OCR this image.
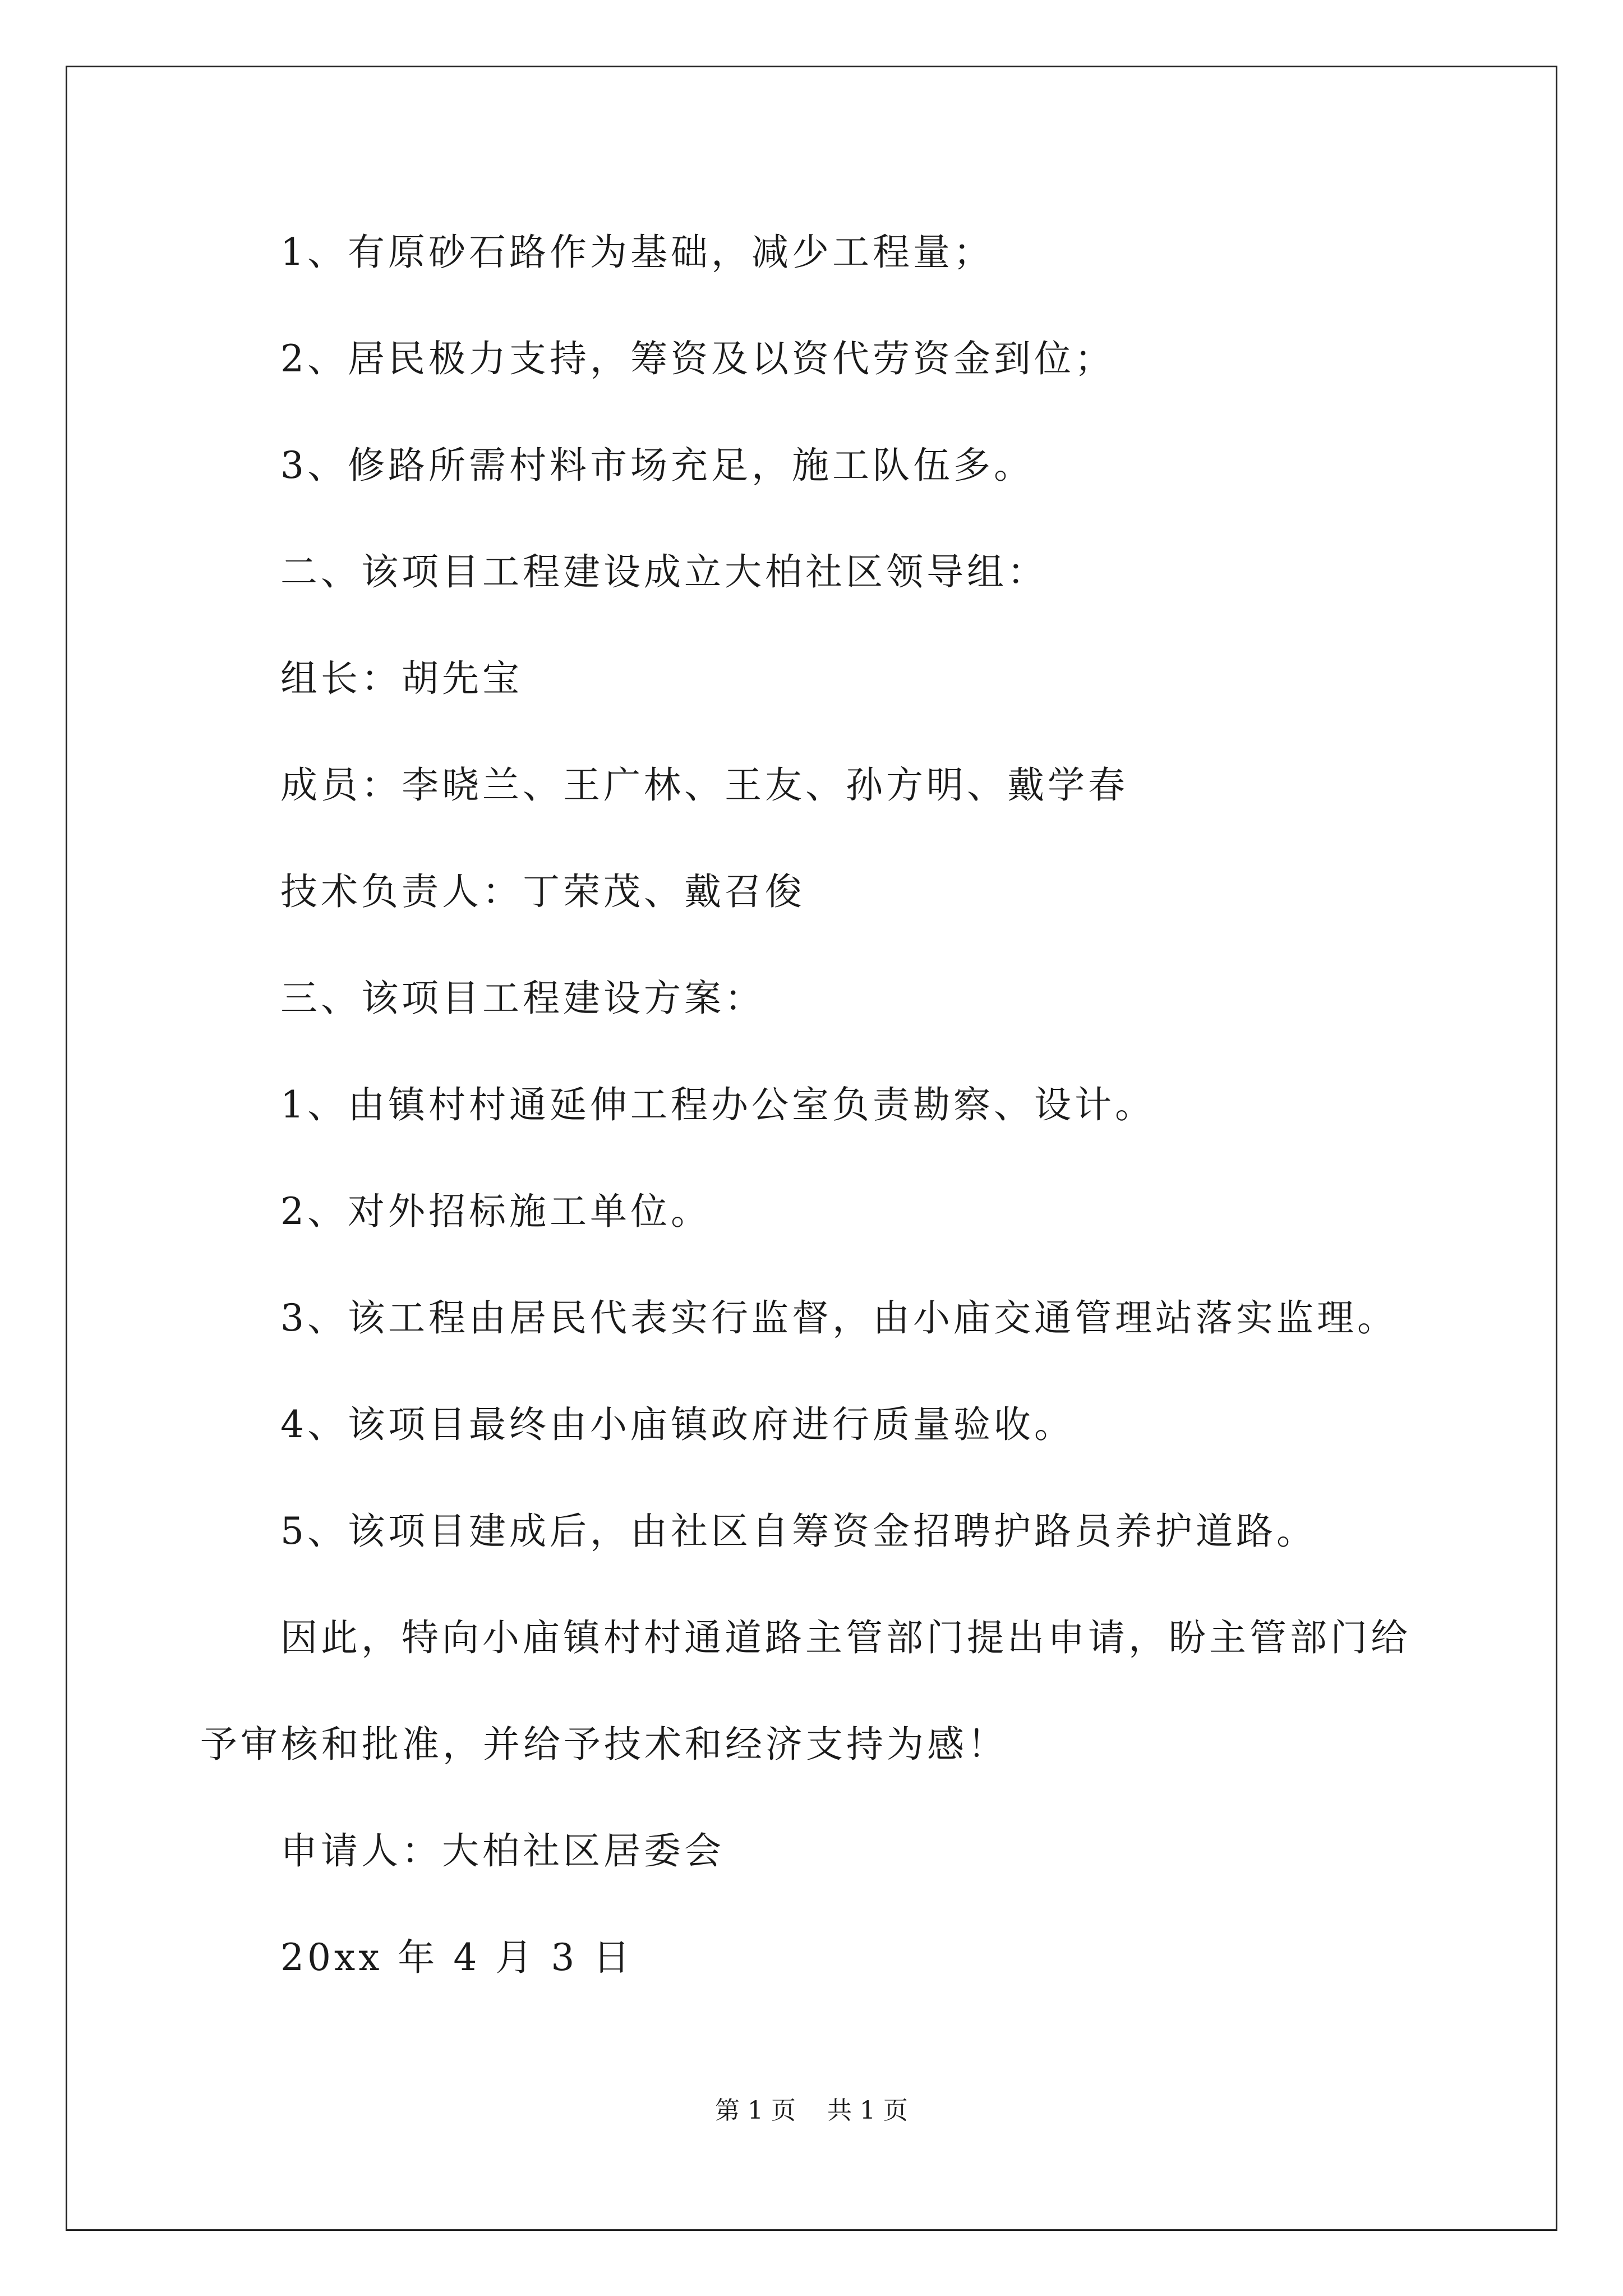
1、有原砂石路作为基础，减少工程量；
2、居民极力支持，筹资及以资代劳资金到位；
3、修路所需村料市场充足，施工队伍多。
二、该项目工程建设成立大柏社区领导组：
组长：胡先宝
成员：李晓兰、王广林、王友、孙方明、戴学春
技术负责人：丁荣茂、戴召俊
三、该项目工程建设方案：
1、由镇村村通延伸工程办公室负责勘察、设计。
2、对外招标施工单位。
3、该工程由居民代表实行监督，由小庙交通管理站落实监理。
4、该项目最终由小庙镇政府进行质量验收。
5、该项目建成后，由社区自筹资金招聘护路员养护道路。
因此，特向小庙镇村村通道路主管部门提出申请，盼主管部门给
予审核和批准，并给予技术和经济支持为感！
申请人：大柏社区居委会
20xx 年 4 月 3 日
第 1 页    共 1 页
